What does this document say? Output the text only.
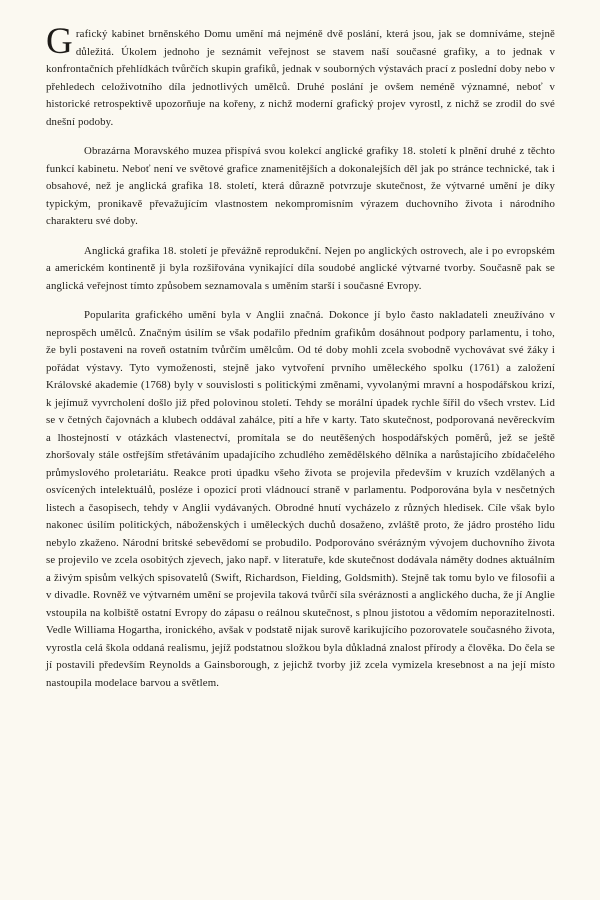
Grafický kabinet brněnského Domu umění má nejméně dvě poslání, která jsou, jak se domníváme, stejně důležitá. Úkolem jednoho je seznámit veřejnost se stavem naší současné grafiky, a to jednak v konfrontačních přehlídkách tvůrčích skupin grafiků, jednak v souborných výstavách prací z poslední doby nebo v přehledech celoživotního díla jednotlivých umělců. Druhé poslání je ovšem neméně významné, neboť v historické retrospektivě upozorňuje na kořeny, z nichž moderní grafický projev vyrostl, z nichž se zrodil do své dnešní podoby.

Obrazárna Moravského muzea přispívá svou kolekcí anglické grafiky 18. století k plnění druhé z těchto funkcí kabinetu. Neboť není ve světové grafice znamenitějších a dokonalejších děl jak po stránce technické, tak i obsahové, než je anglická grafika 18. století, která důrazně potvrzuje skutečnost, že výtvarné umění je díky typickým, pronikavě převažujícím vlastnostem nekompromisním výrazem duchovního života i národního charakteru své doby.

Anglická grafika 18. století je převážně reprodukční. Nejen po anglických ostrovech, ale i po evropském a americkém kontinentě ji byla rozšiřována vynikající díla soudobé anglické výtvarné tvorby. Současně pak se anglická veřejnost tímto způsobem seznamovala s uměním starší i současné Evropy.

Popularita grafického umění byla v Anglii značná. Dokonce jí bylo často nakladateli zneužíváno v neprospěch umělců. Značným úsilím se však podařilo předním grafikům dosáhnout podpory parlamentu, i toho, že byli postaveni na roveň ostatním tvůrčím umělcům. Od té doby mohli zcela svobodně vychovávat své žáky i pořádat výstavy. Tyto vymoženosti, stejně jako vytvoření prvního uměleckého spolku (1761) a založení Královské akademie (1768) byly v souvislosti s politickými změnami, vyvolanými mravní a hospodářskou krizí, k jejímuž vyvrcholení došlo již před polovinou století. Tehdy se morální úpadek rychle šířil do všech vrstev. Lid se v četných čajovnách a klubech oddával zahálce, pití a hře v karty. Tato skutečnost, podporovaná nevěreckvím a lhostejností v otázkách vlastenectví, promítala se do neutěšených hospodářských poměrů, jež se ještě zhoršovaly stále ostřejším střetáváním upadajícího zchudlého zemědělského dělníka a narůstajícího zbídačelého průmyslového proletariátu. Reakce proti úpadku všeho života se projevila především v kruzích vzdělaných a osvícených intelektuálů, posléze i opozicí proti vládnoucí straně v parlamentu. Podporována byla v nesčetných listech a časopisech, tehdy v Anglii vydávaných. Obrodné hnutí vycházelo z různých hledisek. Cíle však bylo nakonec úsilím politických, náboženských i uměleckých duchů dosaženo, zvláště proto, že jádro prostého lidu nebylo zkaženo. Národní britské sebevědomí se probudilo. Podporováno svérázným vývojem duchovního života se projevilo ve zcela osobitých zjevech, jako např. v literatuře, kde skutečnost dodávala náměty dodnes aktuálním a živým spisům velkých spisovatelů (Swift, Richardson, Fielding, Goldsmith). Stejně tak tomu bylo ve filosofii a v divadle. Rovněž ve výtvarném umění se projevila taková tvůrčí síla svéráznosti a anglického ducha, že jí Anglie vstoupila na kolbiště ostatní Evropy do zápasu o reálnou skutečnost, s plnou jistotou a vědomím neporazitelnosti. Vedle Williama Hogartha, ironického, avšak v podstatě nijak surově karikujícího pozorovatele současného života, vyrostla celá škola oddaná realismu, jejíž podstatnou složkou byla důkladná znalost přírody a člověka. Do čela se jí postavili především Reynolds a Gainsborough, z jejichž tvorby již zcela vymizela kresebnost a na její místo nastoupila modelace barvou a světlem.
